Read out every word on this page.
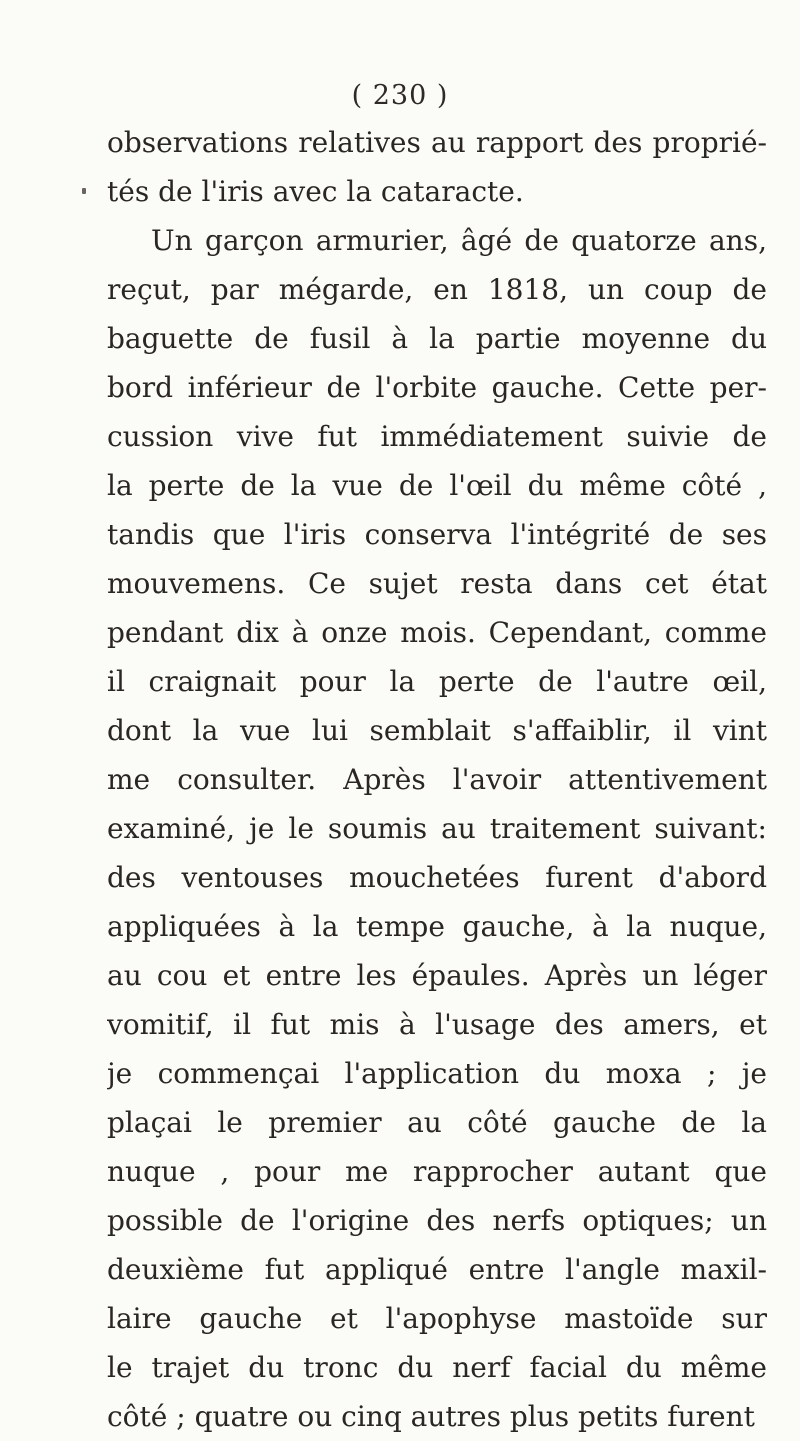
( 230 )
observations relatives au rapport des proprié-
tés de l'iris avec la cataracte.
Un garçon armurier, âgé de quatorze ans,
reçut, par mégarde, en 1818, un coup de
baguette de fusil à la partie moyenne du
bord inférieur de l'orbite gauche. Cette per-
cussion vive fut immédiatement suivie de
la perte de la vue de l'œil du même côté ,
tandis que l'iris conserva l'intégrité de ses
mouvemens. Ce sujet resta dans cet état
pendant dix à onze mois. Cependant, comme
il craignait pour la perte de l'autre œil,
dont la vue lui semblait s'affaiblir, il vint
me consulter. Après l'avoir attentivement
examiné, je le soumis au traitement suivant:
des ventouses mouchetées furent d'abord
appliquées à la tempe gauche, à la nuque,
au cou et entre les épaules. Après un léger
vomitif, il fut mis à l'usage des amers, et
je commençai l'application du moxa ; je
plaçai le premier au côté gauche de la
nuque , pour me rapprocher autant que
possible de l'origine des nerfs optiques; un
deuxième fut appliqué entre l'angle maxil-
laire gauche et l'apophyse mastoïde sur
le trajet du tronc du nerf facial du même
côté ; quatre ou cinq autres plus petits furent
